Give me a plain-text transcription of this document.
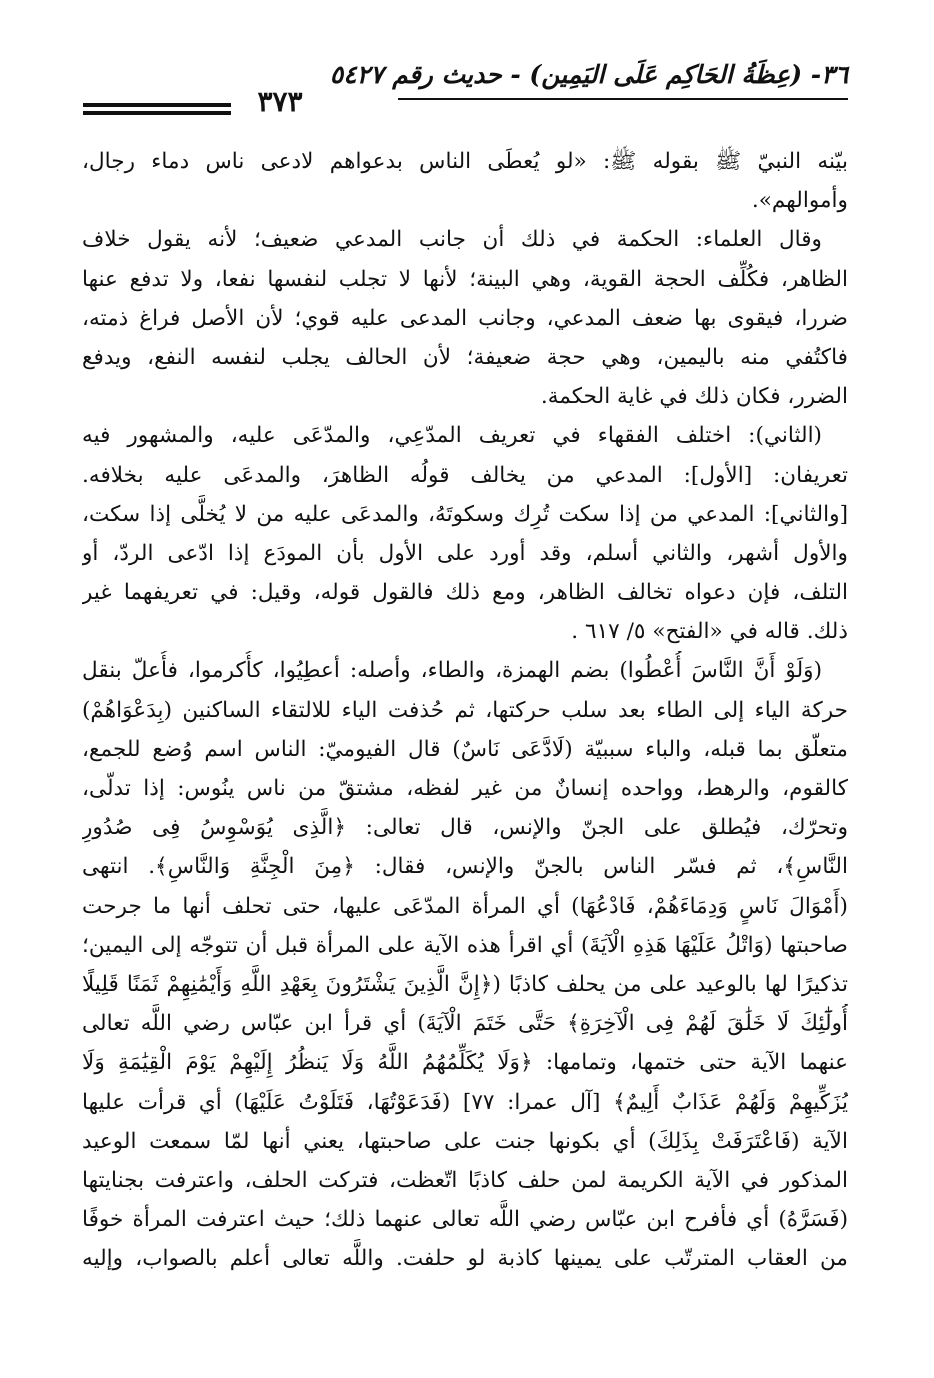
٣٦- (عِظَةُ الحَاكِم عَلَى اليَمِين) - حديث رقم ٥٤٢٧
٣٧٣
بيّنه النبيّ ﷺ بقوله ﷺ: «لو يُعطَى الناس بدعواهم لادعى ناس دماء رجال،
وأموالهم».
وقال العلماء: الحكمة في ذلك أن جانب المدعي ضعيف؛ لأنه يقول خلاف
الظاهر، فكُلِّف الحجة القوية، وهي البينة؛ لأنها لا تجلب لنفسها نفعا، ولا تدفع عنها
ضررا، فيقوى بها ضعف المدعي، وجانب المدعى عليه قوي؛ لأن الأصل فراغ ذمته،
فاكتُفي منه باليمين، وهي حجة ضعيفة؛ لأن الحالف يجلب لنفسه النفع، ويدفع
الضرر، فكان ذلك في غاية الحكمة.
(الثاني): اختلف الفقهاء في تعريف المدّعِي، والمدّعَى عليه، والمشهور فيه
تعريفان: [الأول]: المدعي من يخالف قولُه الظاهرَ، والمدعَى عليه بخلافه.
[والثاني]: المدعي من إذا سكت تُرِك وسكوتَهُ، والمدعَى عليه من لا يُخلَّى إذا سكت،
والأول أشهر، والثاني أسلم، وقد أورد على الأول بأن المودَع إذا ادّعى الردّ، أو
التلف، فإن دعواه تخالف الظاهر، ومع ذلك فالقول قوله، وقيل: في تعريفهما غير
ذلك. قاله في «الفتح» ٥/ ٦١٧ .
(وَلَوْ أَنَّ النَّاسَ أُعْطُوا) بضم الهمزة، والطاء، وأصله: أعطِيُوا، كأُكرموا، فأُعلّ بنقل
حركة الياء إلى الطاء بعد سلب حركتها، ثم حُذفت الياء للالتقاء الساكنين (بِدَعْوَاهُمْ)
متعلّق بما قبله، والباء سببيّة (لَادَّعَى نَاسٌ) قال الفيوميّ: الناس اسم وُضع للجمع،
كالقوم، والرهط، وواحده إنسانٌ من غير لفظه، مشتقّ من ناس ينُوس: إذا تدلّى،
وتحرّك، فيُطلق على الجنّ والإنس، قال تعالى: ﴿الَّذِى يُوَسْوِسُ فِى صُدُورِ
النَّاسِ﴾، ثم فسّر الناس بالجنّ والإنس، فقال: ﴿مِنَ الْجِنَّةِ وَالنَّاسِ﴾. انتهى
(أَمْوَالَ نَاسٍ وَدِمَاءَهُمْ، فَادْعُهَا) أي المرأة المدّعَى عليها، حتى تحلف أنها ما جرحت
صاحبتها (وَاتْلُ عَلَيْهَا هَذِهِ الْآيَةَ) أي اقرأ هذه الآية على المرأة قبل أن تتوجّه إلى اليمين؛
تذكيرًا لها بالوعيد على من يحلف كاذبًا (﴿إِنَّ الَّذِينَ يَشْتَرُونَ بِعَهْدِ اللَّهِ وَأَيْمَٰنِهِمْ ثَمَنًا قَلِيلًا
أُولَٰٓئِكَ لَا خَلَٰقَ لَهُمْ فِى الْآخِرَةِ﴾ حَتَّى خَتَمَ الْآيَةَ) أي قرأ ابن عبّاس رضي اللَّه تعالى
عنهما الآية حتى ختمها، وتمامها: ﴿وَلَا يُكَلِّمُهُمُ اللَّهُ وَلَا يَنظُرُ إِلَيْهِمْ يَوْمَ الْقِيَٰمَةِ وَلَا
يُزَكِّيهِمْ وَلَهُمْ عَذَابٌ أَلِيمٌ﴾ [آل عمرا: ٧٧] (فَدَعَوْتُهَا، فَتَلَوْتُ عَلَيْهَا) أي قرأت عليها
الآية (فَاعْتَرَفَتْ بِذَلِكَ) أي بكونها جنت على صاحبتها، يعني أنها لمّا سمعت الوعيد
المذكور في الآية الكريمة لمن حلف كاذبًا اتّعظت، فتركت الحلف، واعترفت بجنايتها
(فَسَرَّهُ) أي فأفرح ابن عبّاس رضي اللَّه تعالى عنهما ذلك؛ حيث اعترفت المرأة خوفًا
من العقاب المترتّب على يمينها كاذبة لو حلفت. واللَّه تعالى أعلم بالصواب، وإليه
